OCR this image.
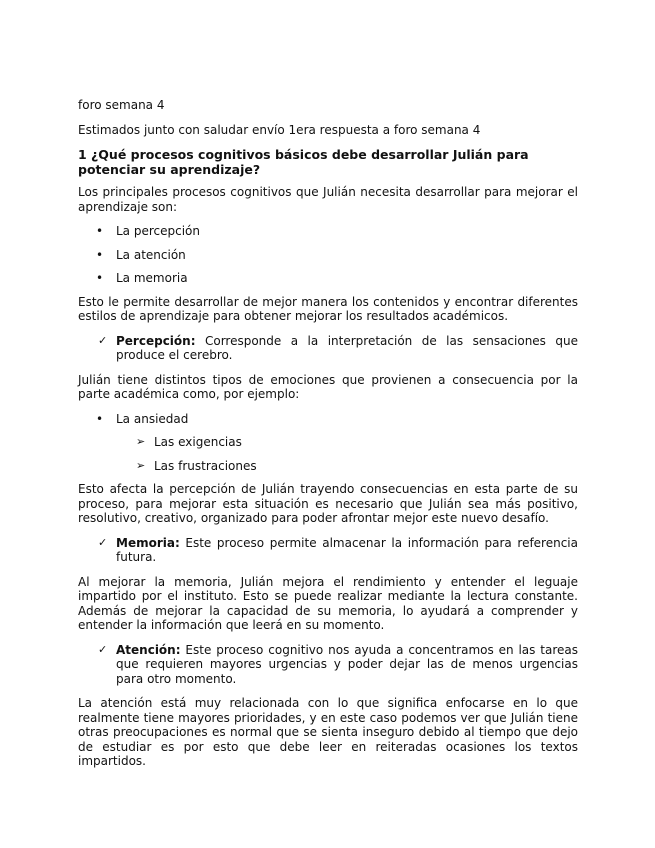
foro semana 4

Estimados junto con saludar envío 1era respuesta a foro semana 4

1 ¿Qué procesos cognitivos básicos debe desarrollar Julián para potenciar su aprendizaje?

Los principales procesos cognitivos que Julián necesita desarrollar para mejorar el aprendizaje son:

• La percepción
• La atención
• La memoria

Esto le permite desarrollar de mejor manera los contenidos y encontrar diferentes estilos de aprendizaje para obtener mejorar los resultados académicos.

✓ Percepción: Corresponde a la interpretación de las sensaciones que produce el cerebro.

Julián tiene distintos tipos de emociones que provienen a consecuencia por la parte académica como, por ejemplo:

• La ansiedad
➢ Las exigencias
➢ Las frustraciones

Esto afecta la percepción de Julián trayendo consecuencias en esta parte de su proceso, para mejorar esta situación es necesario que Julián sea más positivo, resolutivo, creativo, organizado para poder afrontar mejor este nuevo desafío.

✓ Memoria: Este proceso permite almacenar la información para referencia futura.

Al mejorar la memoria, Julián mejora el rendimiento y entender el leguaje impartido por el instituto. Esto se puede realizar mediante la lectura constante. Además de mejorar la capacidad de su memoria, lo ayudará a comprender y entender la información que leerá en su momento.

✓ Atención: Este proceso cognitivo nos ayuda a concentramos en las tareas que requieren mayores urgencias y poder dejar las de menos urgencias para otro momento.

La atención está muy relacionada con lo que significa enfocarse en lo que realmente tiene mayores prioridades, y en este caso podemos ver que Julián tiene otras preocupaciones es normal que se sienta inseguro debido al tiempo que dejo de estudiar es por esto que debe leer en reiteradas ocasiones los textos impartidos.
